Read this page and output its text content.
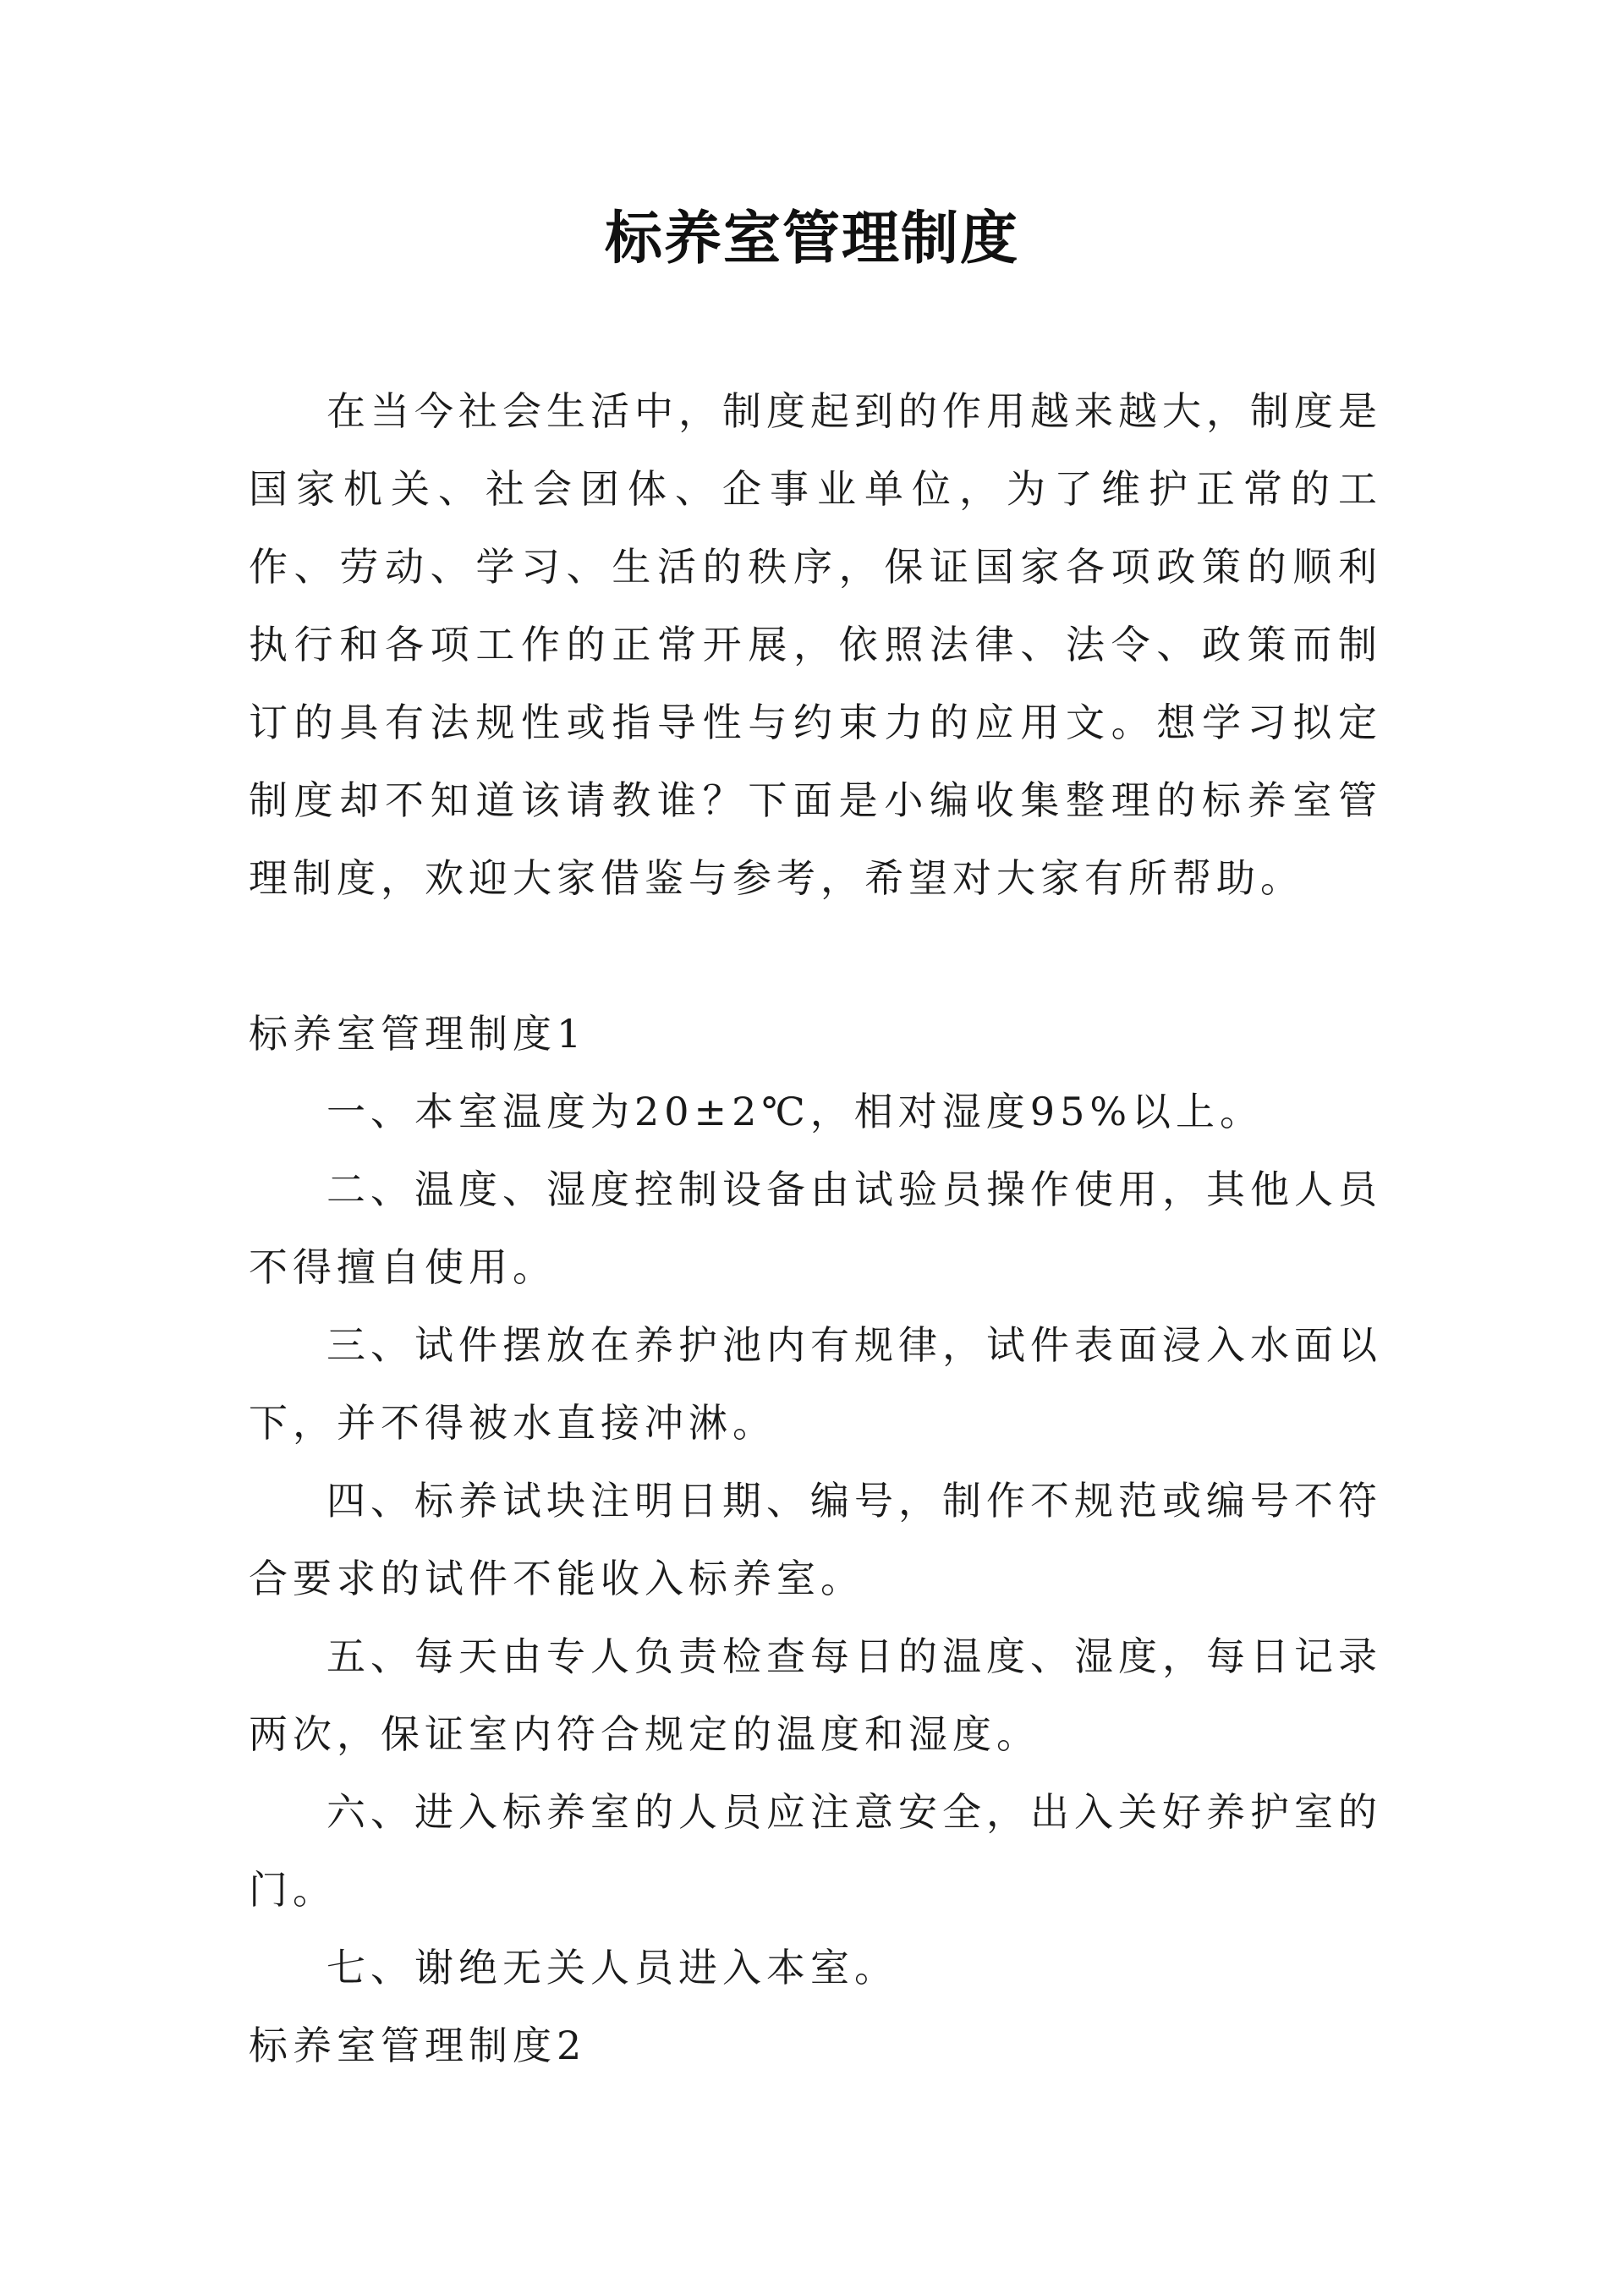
标养室管理制度

在当今社会生活中，制度起到的作用越来越大，制度是国家机关、社会团体、企事业单位，为了维护正常的工作、劳动、学习、生活的秩序，保证国家各项政策的顺利执行和各项工作的正常开展，依照法律、法令、政策而制订的具有法规性或指导性与约束力的应用文。想学习拟定制度却不知道该请教谁？下面是小编收集整理的标养室管理制度，欢迎大家借鉴与参考，希望对大家有所帮助。

标养室管理制度1

一、本室温度为20±2℃，相对湿度95%以上。

二、温度、湿度控制设备由试验员操作使用，其他人员不得擅自使用。

三、试件摆放在养护池内有规律，试件表面浸入水面以下，并不得被水直接冲淋。

四、标养试块注明日期、编号，制作不规范或编号不符合要求的试件不能收入标养室。

五、每天由专人负责检查每日的温度、湿度，每日记录两次，保证室内符合规定的温度和湿度。

六、进入标养室的人员应注意安全，出入关好养护室的门。

七、谢绝无关人员进入本室。

标养室管理制度2
